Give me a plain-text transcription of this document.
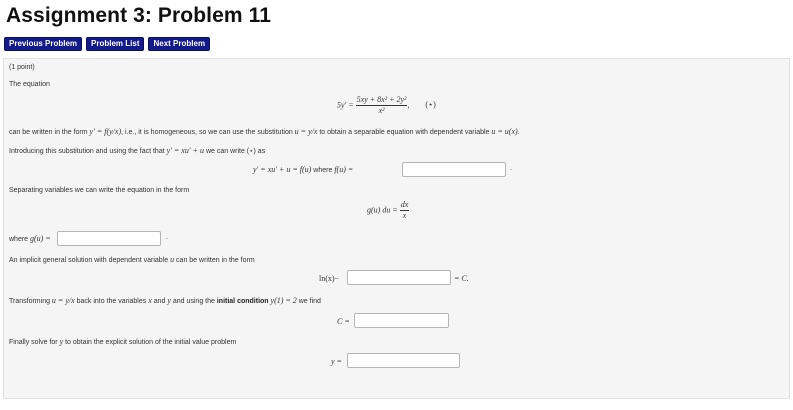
Assignment 3: Problem 11
Previous Problem	Problem List	Next Problem
(1 point)
The equation
$5y' = \frac{\text{5xy + 8x² + 2y²}}{\text{x²}}$ , (⋆)
can be written in the form y′ = f(y/x), i.e., it is homogeneous, so we can use the substitution u = y/x to obtain a separable equation with dependent variable u = u(x).
Introducing this substitution and using the fact that y′ = xu′ + u we can write (⋆) as
y′ = xu′ + u = f(u) where f(u) =	.
Separating variables we can write the equation in the form
g(u) du = $\frac{dx}{x}$
where g(u) =	.
An implicit general solution with dependent variable u can be written in the form
ln(x)−	= C.
Transforming u = y/x back into the variables x and y and using the initial condition y(1) = 2 we find
C =
Finally solve for y to obtain the explicit solution of the initial value problem
y =
